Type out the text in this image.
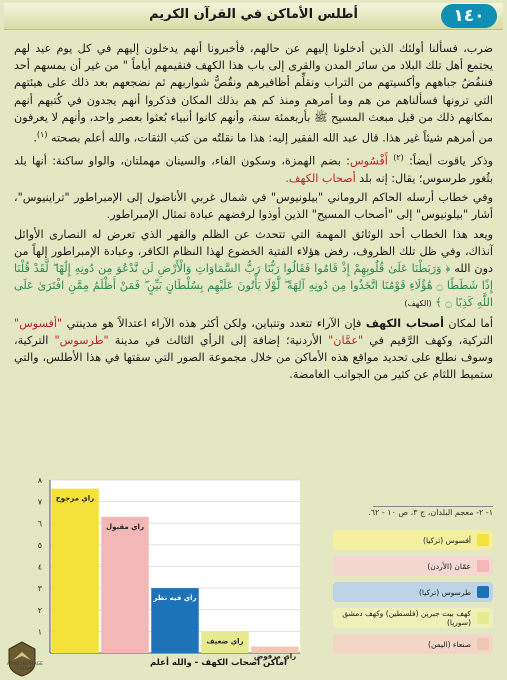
١٤٠
أطلس الأماكن في القرآن الكريم

ضرب، فسألنا أولئك الذين أدخلونا إليهم عن حالهم، فأخبرونا أنهم يدخلون إليهم في كل يوم عيد لهم يجتمع أهل تلك البلاد من سائر المدن والقرى إلى باب هذا الكهف فنقيمهم أياماً " من غير أن يمسهم أحد فننفُضُ جباههم وأكسيتهم من التراب ونقلِّم أظافيرهم ونقُصُّ شواربهم ثم نضجعهم بعد ذلك على هيئتهم التي ترونها فسألناهم من هم وما أمرهم ومنذ كم هم بذلك المكان فذكروا أنهم يجدون في كُتبهم أنهم بمكانهم ذلك من قبل مبعث المسيح ﷺ بأربعمئة سنة، وأنهم كانوا أنبياء بُعثوا بعصر واحد، وأنهم لا يعرفون من أمرهم شيئاً غير هذا. قال عبد الله الفقير إليه: هذا ما نقلتُه من كتب الثقات، والله أعلم بصحته $^{(١)}$.

وذكر ياقوت أيضاً: $^{(٢)}$ أَفْسُوس: بضم الهمزة، وسكون الفاء، والسينان مهملتان، والواو ساكنة: أنها بلد بثُغور طرسوس؛ يقال: إنه بلد أصحاب الكهف.

وفي خطاب أرسله الحاكم الروماني "بيلونيوس" في شمال غربي الأناضول إلى الإمبراطور "تراينيوس"، أشار "بيلونيوس" إلى "أصحاب المسيح" الذين أوذوا لرفضهم عبادة تمثال الإمبراطور.

ويعد هذا الخطاب أحد الوثائق المهمة التي تتحدث عن الظلم والقهر الذي تعرض له النصارى الأوائل آنذاك، وفي ظل تلك الظروف، رفض هؤلاء الفتية الخضوع لهذا النظام الكافر، وعبادة الإمبراطور إلهاً من دون الله ﴿ وَرَبَطْنَا عَلَىٰ قُلُوبِهِمْ إِذْ قَامُوا فَقَالُوا رَبُّنَا رَبُّ السَّمَاوَاتِ وَالْأَرْضِ لَن نَّدْعُوَ مِن دُونِهِ إِلَٰهًا ۖ لَّقَدْ قُلْنَا إِذًا شَطَطًا ۝ هَٰؤُلَاءِ قَوْمُنَا اتَّخَذُوا مِن دُونِهِ آلِهَةً ۖ لَّوْلَا يَأْتُونَ عَلَيْهِم بِسُلْطَانٍ بَيِّنٍ ۖ فَمَنْ أَظْلَمُ مِمَّنِ افْتَرَىٰ عَلَى اللَّهِ كَذِبًا ۝ ﴾ (الكهف)

أما لمكان أصحاب الكهف فإن الآراء تتعدد وتتباين، ولكن أكثر هذه الآراء اعتدالاً هو مدينتي "أفسوس" التركية، وكهف الرَّقيم في "عمَّان" الأردنية؛ إضافة إلى الرأي الثالث في مدينة "طرسوس" التركية، وسوف نطلع على تحديد مواقع هذه الأماكن من خلال مجموعة الصور التي سقتها في هذا الأطلس، والتي ستميط اللثام عن كثير من الجوانب الغامضة.

١- ٢- معجم البلدان، ج ٣، ص ١٠ - ٦٢.
١
٢
٣
٤
٥
٦
٧
٨
راي مرجوح
راي مقبول
راي فيه نظر
راي ضعيف
راي مرفوض
أفسوس (تركيا)
عمّان (الأردن)
طرسوس (تركيا)
كهف بيت جبرين (فلسطين) وكهف دمشق (سوريا)
صنعاء (اليمن)
أماكن أصحاب الكهف - والله أعلم
ARAB HERITAGE FORUM
